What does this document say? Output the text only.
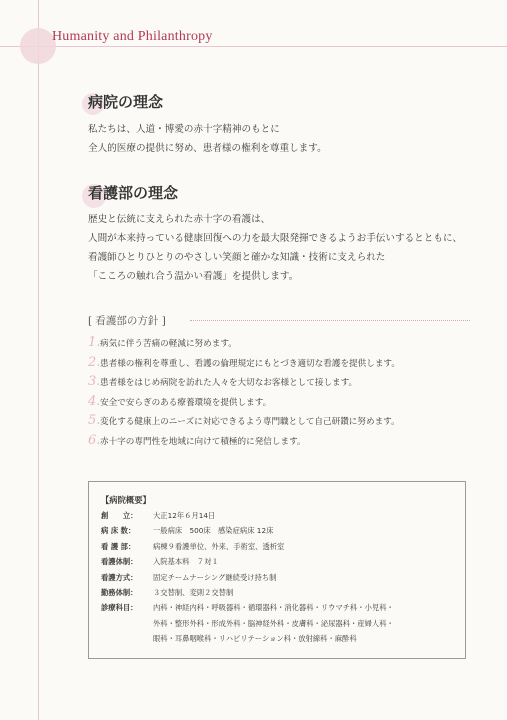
Humanity and Philanthropy
病院の理念
私たちは、人道・博愛の赤十字精神のもとに
全人的医療の提供に努め、患者様の権利を尊重します。
看護部の理念
歴史と伝統に支えられた赤十字の看護は、
人間が本来持っている健康回復への力を最大限発揮できるようお手伝いするとともに、
看護師ひとりひとりのやさしい笑顔と確かな知識・技術に支えられた
「こころの触れ合う温かい看護」を提供します。
[ 看護部の方針 ]
1.病気に伴う苦痛の軽減に努めます。
2.患者様の権利を尊重し、看護の倫理規定にもとづき適切な看護を提供します。
3.患者様をはじめ病院を訪れた人々を大切なお客様として接します。
4.安全で安らぎのある療養環境を提供します。
5.変化する健康上のニーズに対応できるよう専門職として自己研鑽に努めます。
6.赤十字の専門性を地域に向けて積極的に発信します。
【病院概要】
創　　立：	大正12年６月14日
病 床 数：	一般病床　500床　感染症病床 12床
看 護 部：	病棟９看護単位、外来、手術室、透析室
看護体制：	入院基本料　７対１
看護方式：	固定チームナーシング継続受け持ち制
勤務体制：	３交替制、変則２交替制
診療科目：	内科・神経内科・呼吸器科・循環器科・消化器科・リウマチ科・小児科・
外科・整形外科・形成外科・脳神経外科・皮膚科・泌尿器科・産婦人科・
眼科・耳鼻咽喉科・リハビリテーション科・放射線科・麻酔科
